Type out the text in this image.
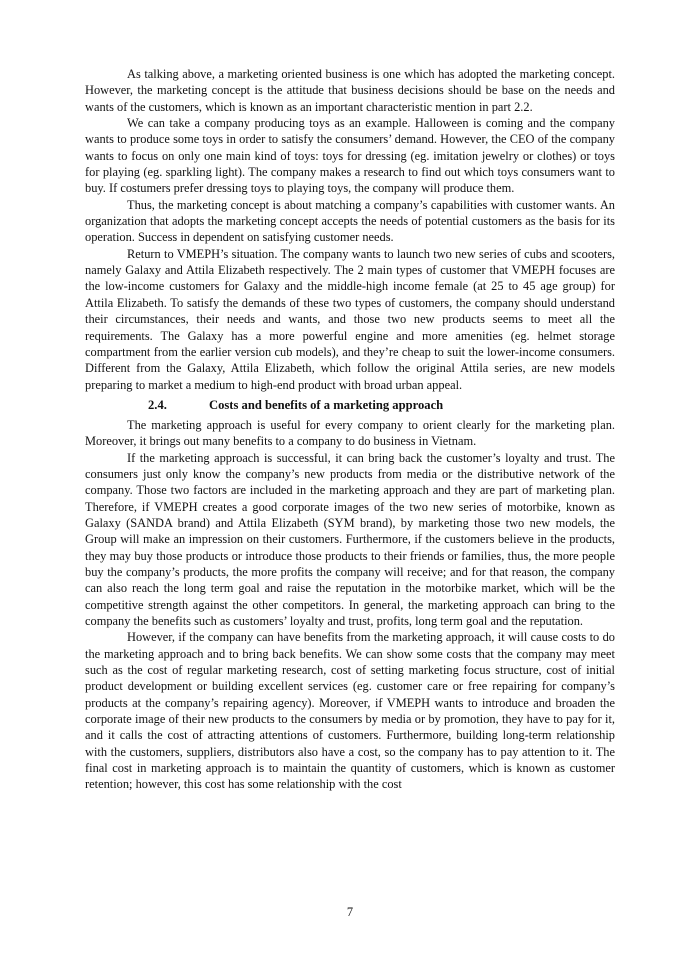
As talking above, a marketing oriented business is one which has adopted the marketing concept. However, the marketing concept is the attitude that business decisions should be base on the needs and wants of the customers, which is known as an important characteristic mention in part 2.2.

We can take a company producing toys as an example. Halloween is coming and the company wants to produce some toys in order to satisfy the consumers’ demand. However, the CEO of the company wants to focus on only one main kind of toys: toys for dressing (eg. imitation jewelry or clothes) or toys for playing (eg. sparkling light). The company makes a research to find out which toys consumers want to buy. If costumers prefer dressing toys to playing toys, the company will produce them.

Thus, the marketing concept is about matching a company’s capabilities with customer wants. An organization that adopts the marketing concept accepts the needs of potential customers as the basis for its operation. Success in dependent on satisfying customer needs.

Return to VMEPH’s situation. The company wants to launch two new series of cubs and scooters, namely Galaxy and Attila Elizabeth respectively. The 2 main types of customer that VMEPH focuses are the low-income customers for Galaxy and the middle-high income female (at 25 to 45 age group) for Attila Elizabeth. To satisfy the demands of these two types of customers, the company should understand their circumstances, their needs and wants, and those two new products seems to meet all the requirements. The Galaxy has a more powerful engine and more amenities (eg. helmet storage compartment from the earlier version cub models), and they’re cheap to suit the lower-income consumers. Different from the Galaxy, Attila Elizabeth, which follow the original Attila series, are new models preparing to market a medium to high-end product with broad urban appeal.

2.4.	Costs and benefits of a marketing approach

The marketing approach is useful for every company to orient clearly for the marketing plan. Moreover, it brings out many benefits to a company to do business in Vietnam.

If the marketing approach is successful, it can bring back the customer’s loyalty and trust. The consumers just only know the company’s new products from media or the distributive network of the company. Those two factors are included in the marketing approach and they are part of marketing plan. Therefore, if VMEPH creates a good corporate images of the two new series of motorbike, known as Galaxy (SANDA brand) and Attila Elizabeth (SYM brand), by marketing those two new models, the Group will make an impression on their customers. Furthermore, if the customers believe in the products, they may buy those products or introduce those products to their friends or families, thus, the more people buy the company’s products, the more profits the company will receive; and for that reason, the company can also reach the long term goal and raise the reputation in the motorbike market, which will be the competitive strength against the other competitors. In general, the marketing approach can bring to the company the benefits such as customers’ loyalty and trust, profits, long term goal and the reputation.

However, if the company can have benefits from the marketing approach, it will cause costs to do the marketing approach and to bring back benefits. We can show some costs that the company may meet such as the cost of regular marketing research, cost of setting marketing focus structure, cost of initial product development or building excellent services (eg. customer care or free repairing for company’s products at the company’s repairing agency). Moreover, if VMEPH wants to introduce and broaden the corporate image of their new products to the consumers by media or by promotion, they have to pay for it, and it calls the cost of attracting attentions of customers. Furthermore, building long-term relationship with the customers, suppliers, distributors also have a cost, so the company has to pay attention to it. The final cost in marketing approach is to maintain the quantity of customers, which is known as customer retention; however, this cost has some relationship with the cost

7
